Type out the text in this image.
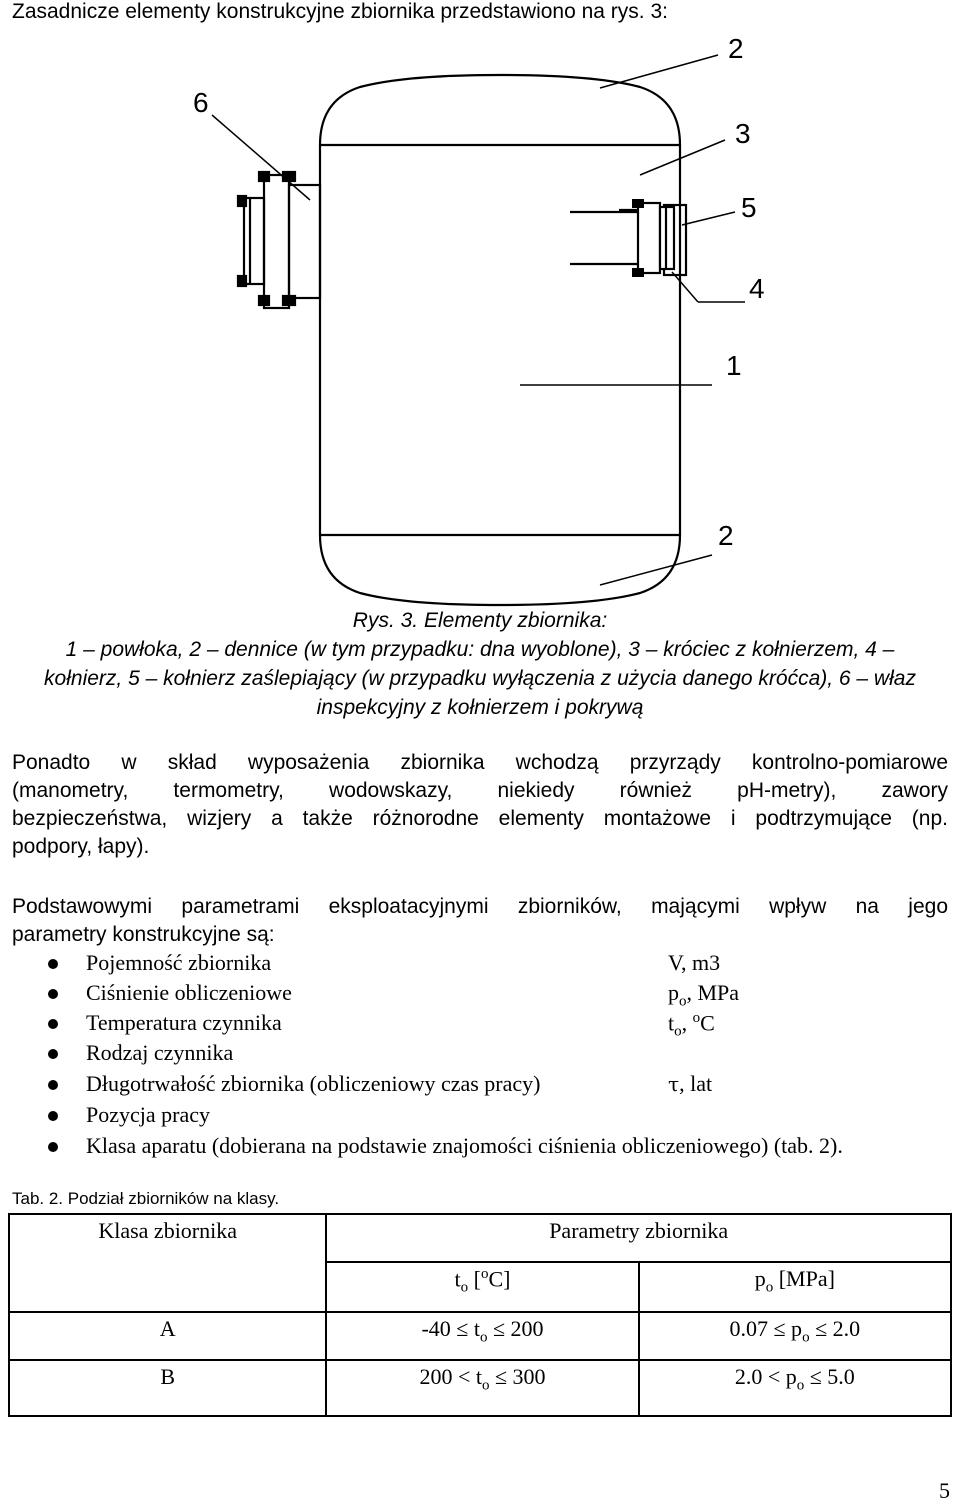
Zasadnicze elementy konstrukcyjne zbiornika przedstawiono na rys. 3:
6
2
3
5
4
1
2
Rys. 3. Elementy zbiornika:
1 – powłoka, 2 – dennice (w tym przypadku: dna wyoblone), 3 – króciec z kołnierzem, 4 –
kołnierz, 5 – kołnierz zaślepiający (w przypadku wyłączenia z użycia danego króćca), 6 – właz
inspekcyjny z kołnierzem i pokrywą
Ponadto w skład wyposażenia zbiornika wchodzą przyrządy kontrolno-pomiarowe
(manometry, termometry, wodowskazy, niekiedy również pH-metry), zawory
bezpieczeństwa, wizjery a także różnorodne elementy montażowe i podtrzymujące (np.
podpory, łapy).
Podstawowymi parametrami eksploatacyjnymi zbiorników, mającymi wpływ na jego
parametry konstrukcyjne są:
Pojemność zbiornika	V, m3
Ciśnienie obliczeniowe	$p_o$, MPa
Temperatura czynnika	$t_o$, $^o$C
Rodzaj czynnika
Długotrwałość zbiornika (obliczeniowy czas pracy)	τ, lat
Pozycja pracy
Klasa aparatu (dobierana na podstawie znajomości ciśnienia obliczeniowego) (tab. 2).
Tab. 2. Podział zbiorników na klasy.
Klasa zbiornika	Parametry zbiornika	
	$t_o$ [$^o$C]	$p_o$ [MPa]
A	$-40 \le t_o \le 200$	$0.07 \le p_o \le 2.0$
B	$200 < t_o \le 300$	$2.0 < p_o \le 5.0$
5
